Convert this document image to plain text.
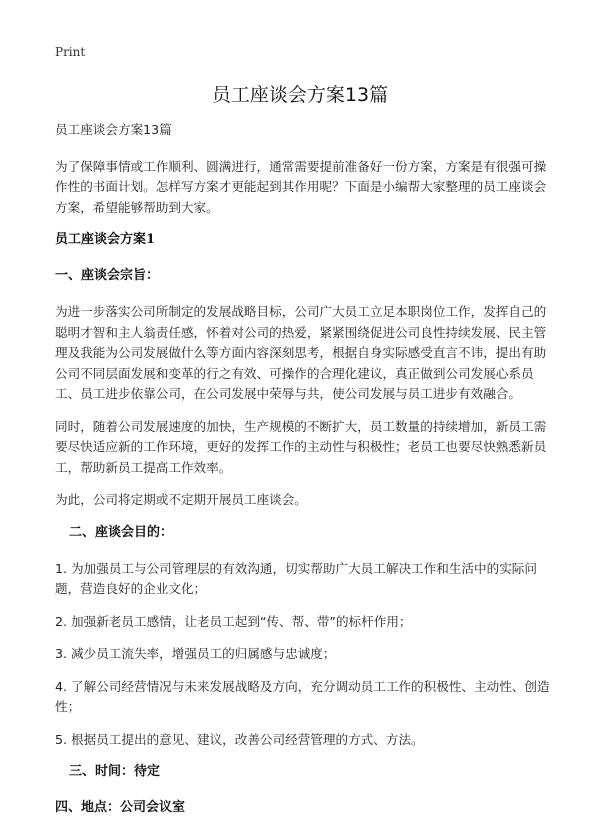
Print
员工座谈会方案13篇

员工座谈会方案13篇

为了保障事情或工作顺利、圆满进行，通常需要提前准备好一份方案，方案是有很强可操作性的书面计划。怎样写方案才更能起到其作用呢？下面是小编帮大家整理的员工座谈会方案，希望能够帮助到大家。

员工座谈会方案1
一、座谈会宗旨：

为进一步落实公司所制定的发展战略目标，公司广大员工立足本职岗位工作，发挥自己的聪明才智和主人翁责任感，怀着对公司的热爱，紧紧围绕促进公司良性持续发展、民主管理及我能为公司发展做什么等方面内容深刻思考，根据自身实际感受直言不讳，提出有助公司不同层面发展和变革的行之有效、可操作的合理化建议，真正做到公司发展心系员工、员工进步依靠公司，在公司发展中荣辱与共，使公司发展与员工进步有效融合。

同时，随着公司发展速度的加快，生产规模的不断扩大，员工数量的持续增加，新员工需要尽快适应新的工作环境，更好的发挥工作的主动性与积极性；老员工也要尽快熟悉新员工，帮助新员工提高工作效率。

为此，公司将定期或不定期开展员工座谈会。

二、座谈会目的：

1. 为加强员工与公司管理层的有效沟通，切实帮助广大员工解决工作和生活中的实际问题，营造良好的企业文化；

2. 加强新老员工感情，让老员工起到“传、帮、带”的标杆作用；

3. 减少员工流失率，增强员工的归属感与忠诚度；

4. 了解公司经营情况与未来发展战略及方向，充分调动员工工作的积极性、主动性、创造性；

5. 根据员工提出的意见、建议，改善公司经营管理的方式、方法。

三、时间：待定
四、地点：公司会议室
